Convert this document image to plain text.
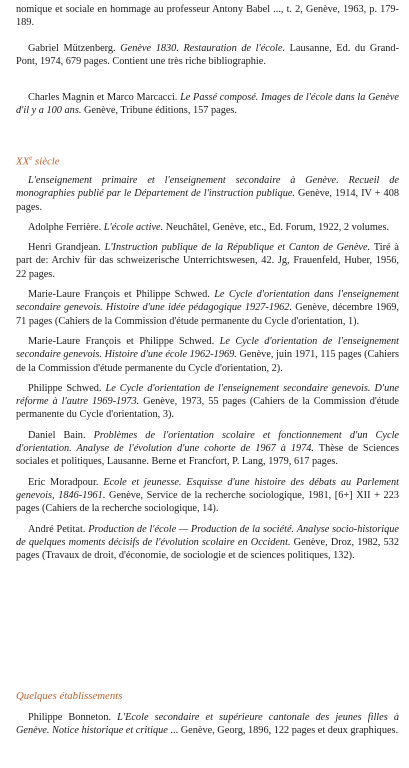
nomique et sociale en hommage au professeur Antony Babel ..., t. 2, Genève, 1963, p. 179-189.

Gabriel Mützenberg. Genève 1830. Restauration de l'école. Lausanne, Ed. du Grand-Pont, 1974, 679 pages. Contient une très riche bibliographie.

Charles Magnin et Marco Marcacci. Le Passé composé. Images de l'école dans la Genève d'il y a 100 ans. Genève, Tribune éditions, 157 pages.

XXe siècle

L'enseignement primaire et l'enseignement secondaire à Genève. Recueil de monographies publié par le Département de l'instruction publique. Genève, 1914, IV + 408 pages.

Adolphe Ferrière. L'école active. Neuchâtel, Genève, etc., Ed. Forum, 1922, 2 volumes.

Henri Grandjean. L'Instruction publique de la République et Canton de Genève. Tiré à part de: Archiv für das schweizerische Unterrichtswesen, 42. Jg, Frauenfeld, Huber, 1956, 22 pages.

Marie-Laure François et Philippe Schwed. Le Cycle d'orientation dans l'enseignement secondaire genevois. Histoire d'une idée pédagogique 1927-1962. Genève, décembre 1969, 71 pages (Cahiers de la Commission d'étude permanente du Cycle d'orientation, 1).

Marie-Laure François et Philippe Schwed. Le Cycle d'orientation de l'enseignement secondaire genevois. Histoire d'une école 1962-1969. Genève, juin 1971, 115 pages (Cahiers de la Commission d'étude permanente du Cycle d'orientation, 2).

Philippe Schwed. Le Cycle d'orientation de l'enseignement secondaire genevois. D'une réforme à l'autre 1969-1973. Genève, 1973, 55 pages (Cahiers de la Commission d'étude permanente du Cycle d'orientation, 3).

Daniel Bain. Problèmes de l'orientation scolaire et fonctionnement d'un Cycle d'orientation. Analyse de l'évolution d'une cohorte de 1967 à 1974. Thèse de Sciences sociales et politiques, Lausanne. Berne et Francfort, P. Lang, 1979, 617 pages.

Eric Moradpour. Ecole et jeunesse. Esquisse d'une histoire des débats au Parlement genevois, 1846-1961. Genève, Service de la recherche sociologique, 1981, [6+] XII + 223 pages (Cahiers de la recherche sociologique, 14).

André Petitat. Production de l'école — Production de la société. Analyse socio-historique de quelques moments décisifs de l'évolution scolaire en Occident. Genève, Droz, 1982, 532 pages (Travaux de droit, d'économie, de sociologie et de sciences politiques, 132).

Quelques établissements

Philippe Bonneton. L'Ecole secondaire et supérieure cantonale des jeunes filles à Genève. Notice historique et critique ... Genève, Georg, 1896, 122 pages et deux graphiques.
